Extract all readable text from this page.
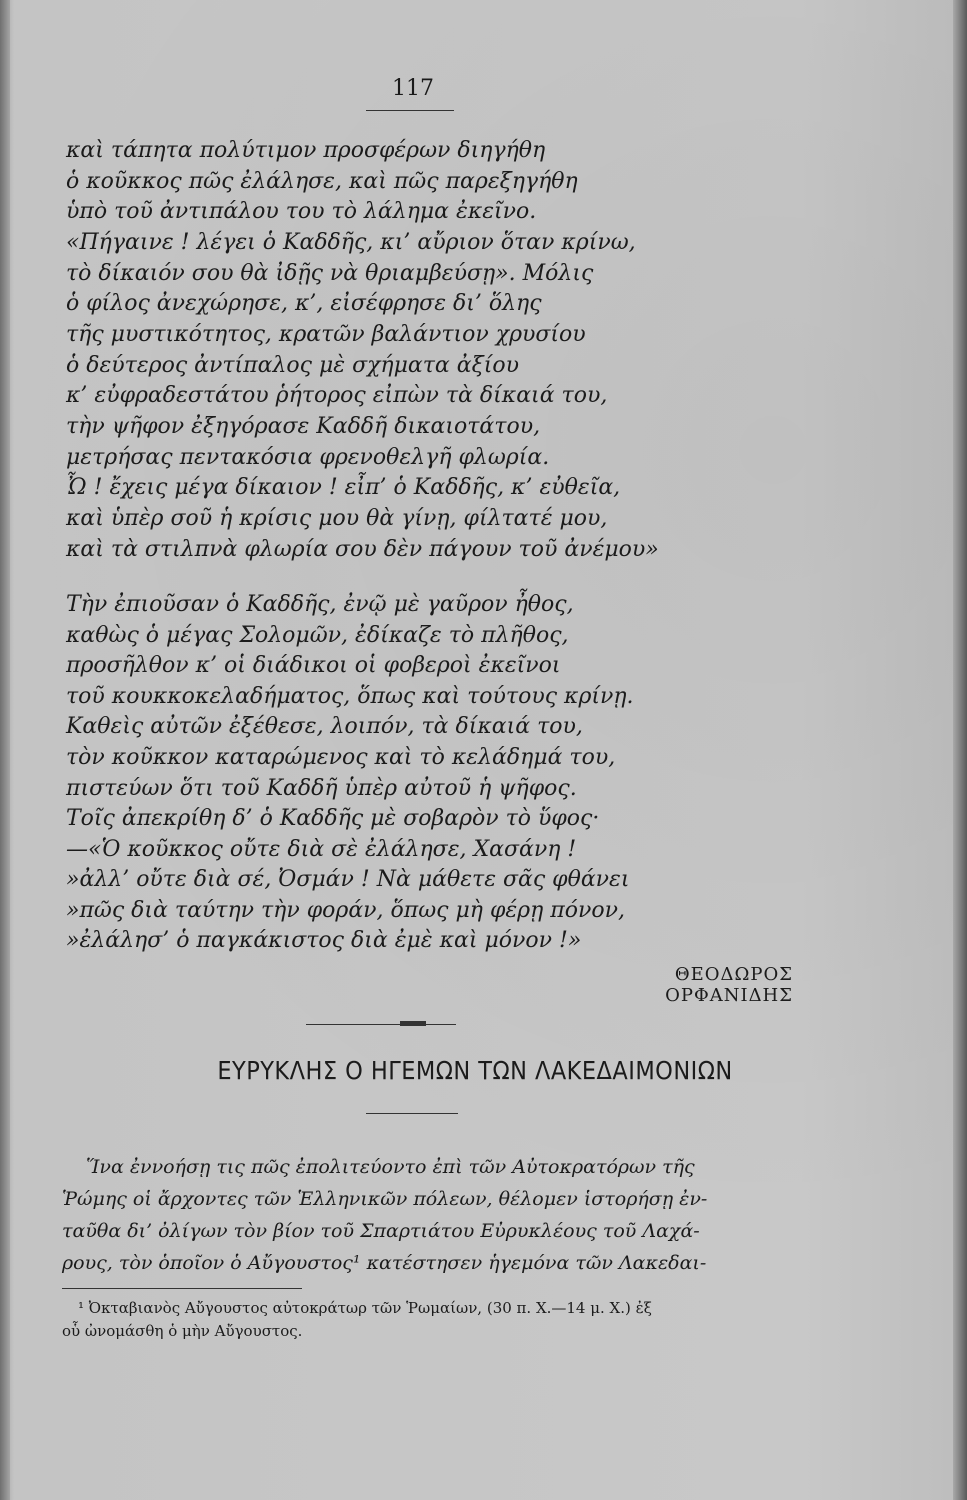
117
καὶ τάπητα πολύτιμον προσφέρων διηγήθη
ὁ κοῦκκος πῶς ἐλάλησε, καὶ πῶς παρεξηγήθη
ὑπὸ τοῦ ἀντιπάλου του τὸ λάλημα ἐκεῖνο.
«Πήγαινε ! λέγει ὁ Καδδῆς, κι’ αὔριον ὅταν κρίνω,
τὸ δίκαιόν σου θὰ ἰδῇς νὰ θριαμβεύσῃ». Μόλις
ὁ φίλος ἀνεχώρησε, κ’, εἰσέφρησε δι’ ὅλης
τῆς μυστικότητος, κρατῶν βαλάντιον χρυσίου
ὁ δεύτερος ἀντίπαλος μὲ σχήματα ἀξίου
κ’ εὐφραδεστάτου ῥήτορος εἰπὼν τὰ δίκαιά του,
τὴν ψῆφον ἐξηγόρασε Καδδῆ δικαιοτάτου,
μετρήσας πεντακόσια φρενοθελγῆ φλωρία.
Ὦ ! ἔχεις μέγα δίκαιον ! εἶπ’ ὁ Καδδῆς, κ’ εὐθεῖα,
καὶ ὑπὲρ σοῦ ἡ κρίσις μου θὰ γίνῃ, φίλτατέ μου,
καὶ τὰ στιλπνὰ φλωρία σου δὲν πάγουν τοῦ ἀνέμου»
Τὴν ἐπιοῦσαν ὁ Καδδῆς, ἐνῷ μὲ γαῦρον ἦθος,
καθὼς ὁ μέγας Σολομῶν, ἐδίκαζε τὸ πλῆθος,
προσῆλθον κ’ οἱ διάδικοι οἱ φοβεροὶ ἐκεῖνοι
τοῦ κουκκοκελαδήματος, ὅπως καὶ τούτους κρίνῃ.
Καθεὶς αὐτῶν ἐξέθεσε, λοιπόν, τὰ δίκαιά του,
τὸν κοῦκκον καταρώμενος καὶ τὸ κελάδημά του,
πιστεύων ὅτι τοῦ Καδδῆ ὑπὲρ αὐτοῦ ἡ ψῆφος.
Τοῖς ἀπεκρίθη δ’ ὁ Καδδῆς μὲ σοβαρὸν τὸ ὕφος·
—«Ὁ κοῦκκος οὔτε διὰ σὲ ἐλάλησε, Χασάνη !
»ἀλλ’ οὔτε διὰ σέ, Ὀσμάν ! Νὰ μάθετε σᾶς φθάνει
»πῶς διὰ ταύτην τὴν φοράν, ὅπως μὴ φέρῃ πόνον,
»ἐλάλησ’ ὁ παγκάκιστος διὰ ἐμὲ καὶ μόνον !»
ΘΕΟΔΩΡΟΣ ΟΡΦΑΝΙΔΗΣ
ΕΥΡΥΚΛΗΣ Ο ΗΓΕΜΩΝ ΤΩΝ ΛΑΚΕΔΑΙΜΟΝΙΩΝ
Ἵνα ἐννοήσῃ τις πῶς ἐπολιτεύοντο ἐπὶ τῶν Αὐτοκρατόρων τῆς
Ῥώμης οἱ ἄρχοντες τῶν Ἑλληνικῶν πόλεων, θέλομεν ἱστορήσῃ ἐν-
ταῦθα δι’ ὀλίγων τὸν βίον τοῦ Σπαρτιάτου Εὐρυκλέους τοῦ Λαχά-
ρους, τὸν ὁποῖον ὁ Αὔγουστος¹ κατέστησεν ἡγεμόνα τῶν Λακεδαι-
¹ Ὀκταβιανὸς Αὔγουστος αὐτοκράτωρ τῶν Ῥωμαίων, (30 π. Χ.—14 μ. Χ.) ἐξ
οὗ ὠνομάσθη ὁ μὴν Αὔγουστος.
